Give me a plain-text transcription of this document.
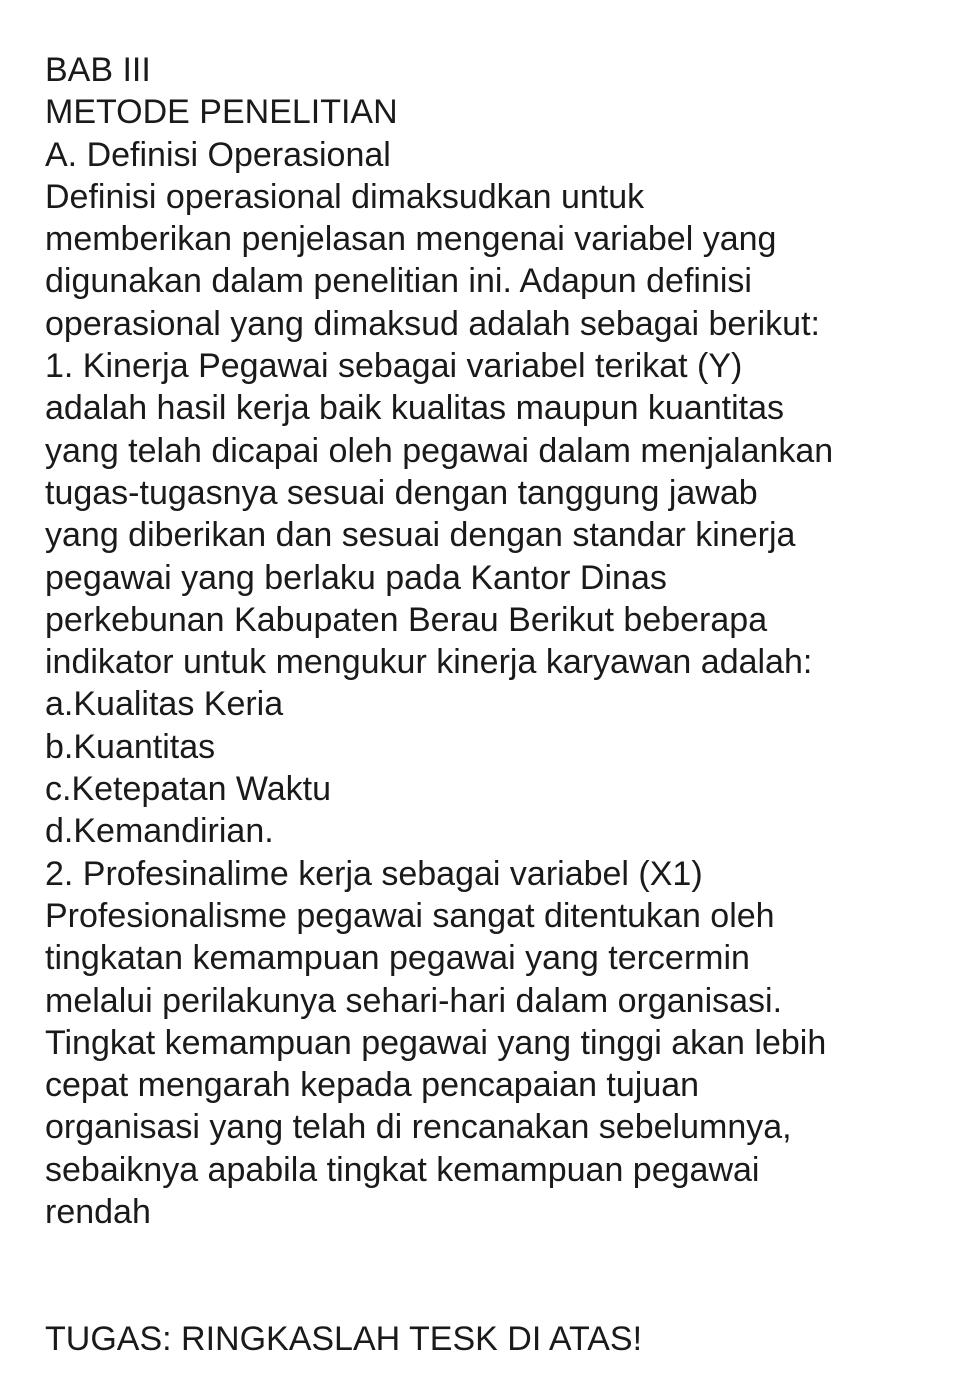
BAB III
METODE PENELITIAN
A. Definisi Operasional
Definisi operasional dimaksudkan untuk
memberikan penjelasan mengenai variabel yang
digunakan dalam penelitian ini. Adapun definisi
operasional yang dimaksud adalah sebagai berikut:
1. Kinerja Pegawai sebagai variabel terikat (Y)
adalah hasil kerja baik kualitas maupun kuantitas
yang telah dicapai oleh pegawai dalam menjalankan
tugas-tugasnya sesuai dengan tanggung jawab
yang diberikan dan sesuai dengan standar kinerja
pegawai yang berlaku pada Kantor Dinas
perkebunan Kabupaten Berau Berikut beberapa
indikator untuk mengukur kinerja karyawan adalah:
a.Kualitas Keria
b.Kuantitas
c.Ketepatan Waktu
d.Kemandirian.
2. Profesinalime kerja sebagai variabel (X1)
Profesionalisme pegawai sangat ditentukan oleh
tingkatan kemampuan pegawai yang tercermin
melalui perilakunya sehari-hari dalam organisasi.
Tingkat kemampuan pegawai yang tinggi akan lebih
cepat mengarah kepada pencapaian tujuan
organisasi yang telah di rencanakan sebelumnya,
sebaiknya apabila tingkat kemampuan pegawai
rendah
TUGAS: RINGKASLAH TESK DI ATAS!
